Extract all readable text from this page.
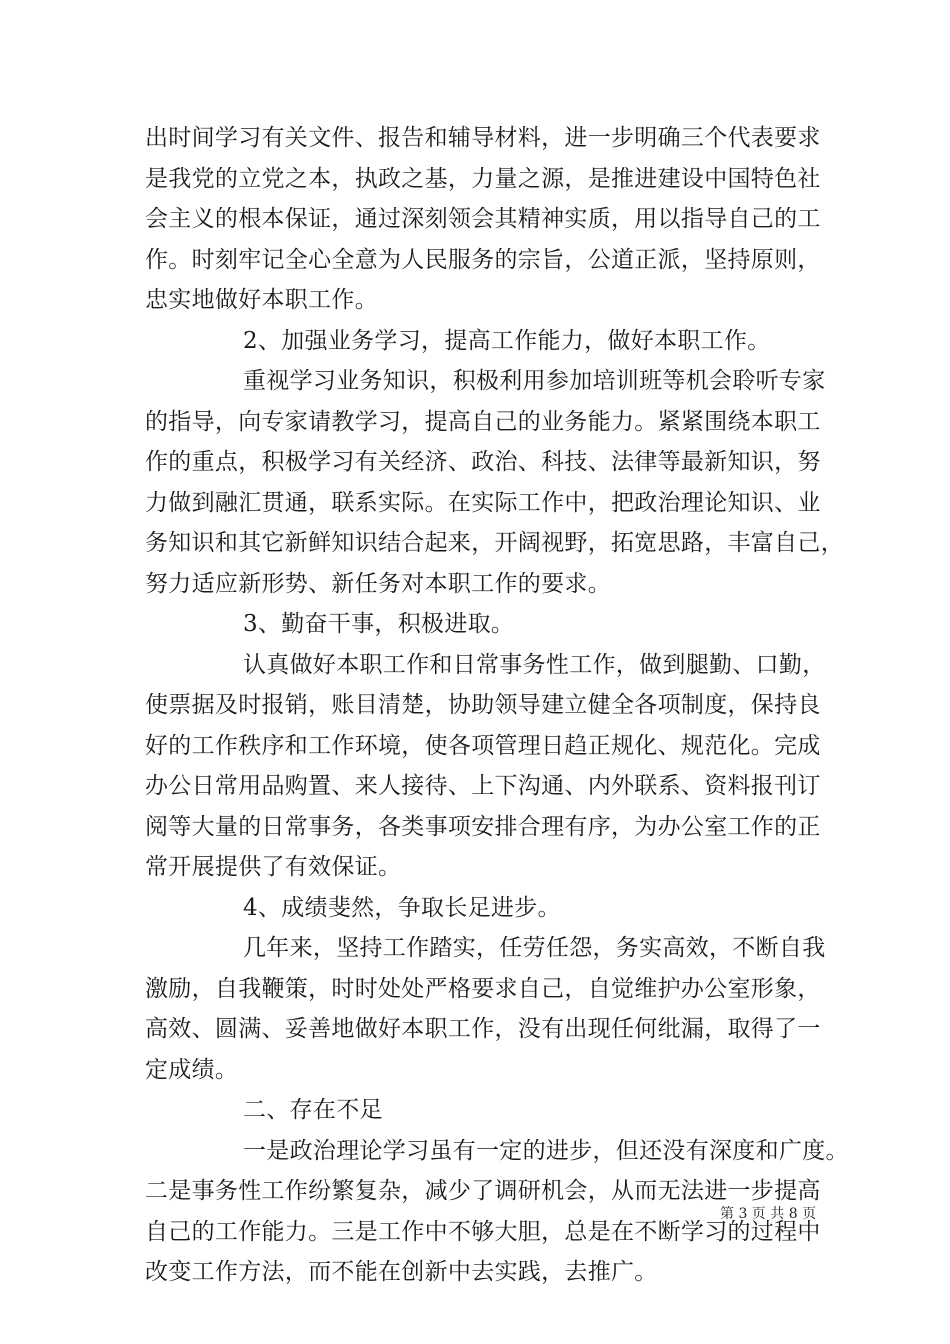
出时间学习有关文件、报告和辅导材料，进一步明确三个代表要求
是我党的立党之本，执政之基，力量之源，是推进建设中国特色社
会主义的根本保证，通过深刻领会其精神实质，用以指导自己的工
作。时刻牢记全心全意为人民服务的宗旨，公道正派，坚持原则，
忠实地做好本职工作。
2、加强业务学习，提高工作能力，做好本职工作。
重视学习业务知识，积极利用参加培训班等机会聆听专家
的指导，向专家请教学习，提高自己的业务能力。紧紧围绕本职工
作的重点，积极学习有关经济、政治、科技、法律等最新知识，努
力做到融汇贯通，联系实际。在实际工作中，把政治理论知识、业
务知识和其它新鲜知识结合起来，开阔视野，拓宽思路，丰富自己，
努力适应新形势、新任务对本职工作的要求。
3、勤奋干事，积极进取。
认真做好本职工作和日常事务性工作，做到腿勤、口勤，
使票据及时报销，账目清楚，协助领导建立健全各项制度，保持良
好的工作秩序和工作环境，使各项管理日趋正规化、规范化。完成
办公日常用品购置、来人接待、上下沟通、内外联系、资料报刊订
阅等大量的日常事务，各类事项安排合理有序，为办公室工作的正
常开展提供了有效保证。
4、成绩斐然，争取长足进步。
几年来，坚持工作踏实，任劳任怨，务实高效，不断自我
激励，自我鞭策，时时处处严格要求自己，自觉维护办公室形象，
高效、圆满、妥善地做好本职工作，没有出现任何纰漏，取得了一
定成绩。
二、存在不足
一是政治理论学习虽有一定的进步，但还没有深度和广度。
二是事务性工作纷繁复杂，减少了调研机会，从而无法进一步提高
自己的工作能力。三是工作中不够大胆，总是在不断学习的过程中
改变工作方法，而不能在创新中去实践，去推广。
第 3 页 共 8 页
